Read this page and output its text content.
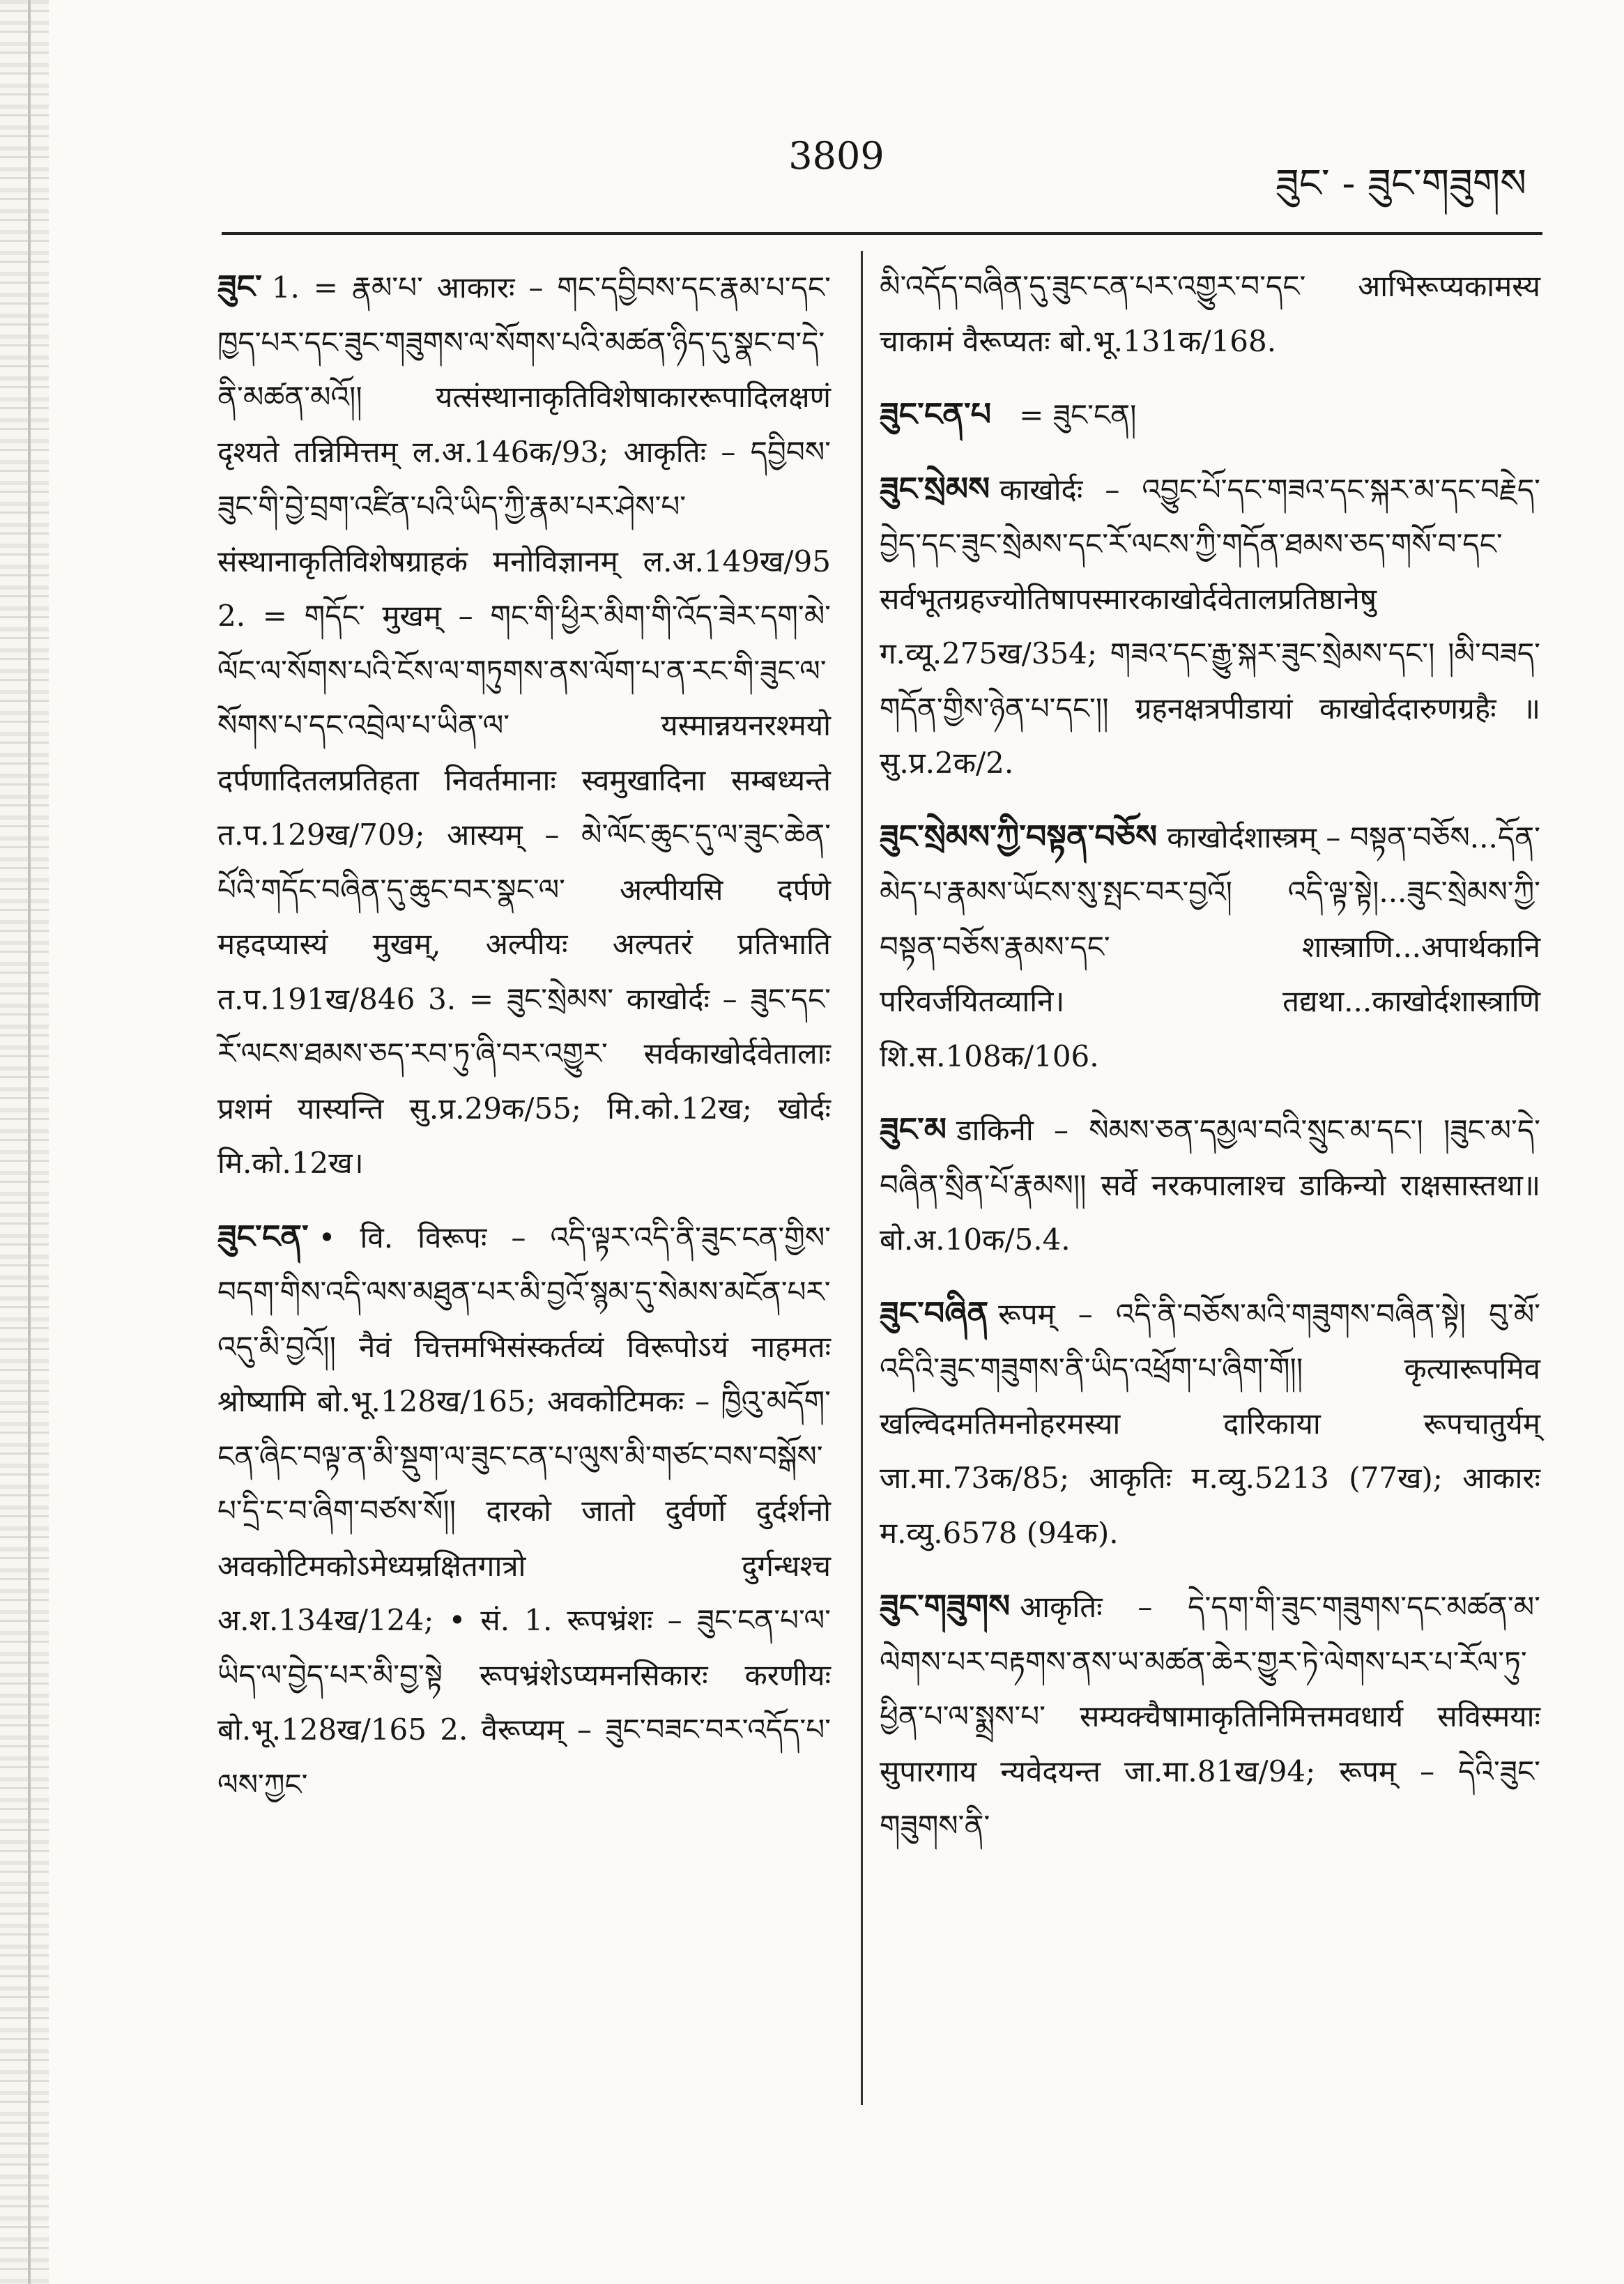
3809
ཟུང་ - ཟུང་གཟུགས

ཟུང་ 1. = རྣམ་པ་ आकारः – གང་དབྱིབས་དང་རྣམ་པ་དང་ཁྱད་པར་དང་ཟུང་གཟུགས་ལ་སོགས་པའི་མཚན་ཉིད་དུ་སྣང་བ་དེ་ནི་མཚན་མའོ།། यत्संस्थानाकृतिविशेषाकाररूपादिलक्षणं दृश्यते तन्निमित्तम् ल.अ.146क/93; आकृतिः – དབྱིབས་ཟུང་གི་བྱེ་བྲག་འཛིན་པའི་ཡིད་ཀྱི་རྣམ་པར་ཤེས་པ་ संस्थानाकृतिविशेषग्राहकं मनोविज्ञानम् ल.अ.149ख/95 2. = གདོང་ मुखम् – གང་གི་ཕྱིར་མིག་གི་འོད་ཟེར་དག་མེ་ལོང་ལ་སོགས་པའི་ངོས་ལ་གཏུགས་ནས་ལོག་པ་ན་རང་གི་ཟུང་ལ་སོགས་པ་དང་འབྲེལ་པ་ཡིན་ལ་ यस्मान्नयनरश्मयो दर्पणादितलप्रतिहता निवर्तमानाः स्वमुखादिना सम्बध्यन्ते त.प.129ख/709; आस्यम् – མེ་ལོང་ཆུང་དུ་ལ་ཟུང་ཆེན་པོའི་གདོང་བཞིན་དུ་ཆུང་བར་སྣང་ལ་ अल्पीयसि दर्पणे महदप्यास्यं मुखम्, अल्पीयः अल्पतरं प्रतिभाति त.प.191ख/846 3. = ཟུང་སྲེམས་ काखोर्दः – ཟུང་དང་རོ་ལངས་ཐམས་ཅད་རབ་ཏུ་ཞི་བར་འགྱུར་ सर्वकाखोर्दवेतालाः प्रशमं यास्यन्ति सु.प्र.29क/55; मि.को.12ख; खोर्दः मि.को.12ख।

ཟུང་ངན་ • वि. विरूपः – འདི་ལྟར་འདི་ནི་ཟུང་ངན་གྱིས་བདག་གིས་འདི་ལས་མཐུན་པར་མི་བྱའོ་སྙམ་དུ་སེམས་མངོན་པར་འདུ་མི་བྱའོ།། नैवं चित्तमभिसंस्कर्तव्यं विरूपोऽयं नाहमतः श्रोष्यामि बो.भू.128ख/165; अवकोटिमकः – ཁྱིའུ་མདོག་ངན་ཞིང་བལྟ་ན་མི་སྡུག་ལ་ཟུང་ངན་པ་ལུས་མི་གཙང་བས་བསྒོས་པ་དྲི་ང་བ་ཞིག་བཙས་སོ།། दारको जातो दुर्वर्णो दुर्दर्शनो अवकोटिमकोऽमेध्यम्रक्षितगात्रो दुर्गन्धश्च अ.श.134ख/124; • सं. 1. रूपभ्रंशः – ཟུང་ངན་པ་ལ་ཡིད་ལ་བྱེད་པར་མི་བྱ་སྟེ रूपभ्रंशेऽप्यमनसिकारः करणीयः बो.भू.128ख/165 2. वैरूप्यम् – ཟུང་བཟང་བར་འདོད་པ་ལས་ཀྱང་

མི་འདོད་བཞིན་དུ་ཟུང་ངན་པར་འགྱུར་བ་དང་ आभिरूप्यकामस्य चाकामं वैरूप्यतः बो.भू.131क/168.

ཟུང་ངན་པ = ཟུང་ངན།

ཟུང་སྲེམས काखोर्दः – འབྱུང་པོ་དང་གཟའ་དང་སྐར་མ་དང་བརྗེད་བྱེད་དང་ཟུང་སྲེམས་དང་རོ་ལངས་ཀྱི་གདོན་ཐམས་ཅད་གསོ་བ་དང་ सर्वभूतग्रहज्योतिषापस्मारकाखोर्दवेतालप्रतिष्ठानेषु ग.व्यू.275ख/354; གཟའ་དང་རྒྱུ་སྐར་ཟུང་སྲེམས་དང་། །མི་བཟད་གདོན་གྱིས་ཉེན་པ་དང་།། ग्रहनक्षत्रपीडायां काखोर्ददारुणग्रहैः ॥ सु.प्र.2क/2.

ཟུང་སྲེམས་ཀྱི་བསྟན་བཅོས काखोर्दशास्त्रम् – བསྟན་བཅོས...དོན་མེད་པ་རྣམས་ཡོངས་སུ་སྤང་བར་བྱའོ། འདི་ལྟ་སྟེ།...ཟུང་སྲེམས་ཀྱི་བསྟན་བཅོས་རྣམས་དང་ शास्त्राणि...अपार्थकानि परिवर्जयितव्यानि। तद्यथा...काखोर्दशास्त्राणि शि.स.108क/106.

ཟུང་མ डाकिनी – སེམས་ཅན་དམྱལ་བའི་སྲུང་མ་དང་། །ཟུང་མ་དེ་བཞིན་སྲིན་པོ་རྣམས།། सर्वे नरकपालाश्च डाकिन्यो राक्षसास्तथा॥ बो.अ.10क/5.4.

ཟུང་བཞིན रूपम् – འདི་ནི་བཅོས་མའི་གཟུགས་བཞིན་སྟེ། བུ་མོ་འདིའི་ཟུང་གཟུགས་ནི་ཡིད་འཕྲོག་པ་ཞིག་གོ།། कृत्यारूपमिव खल्विदमतिमनोहरमस्या दारिकाया रूपचातुर्यम् जा.मा.73क/85; आकृतिः म.व्यु.5213 (77ख); आकारः म.व्यु.6578 (94क).

ཟུང་གཟུགས आकृतिः – དེ་དག་གི་ཟུང་གཟུགས་དང་མཚན་མ་ལེགས་པར་བརྟགས་ནས་ཡ་མཚན་ཆེར་གྱུར་ཏེ་ལེགས་པར་པ་རོལ་ཏུ་ཕྱིན་པ་ལ་སྨྲས་པ་ सम्यक्चैषामाकृतिनिमित्तमवधार्य सविस्मयाः सुपारगाय न्यवेदयन्त जा.मा.81ख/94; रूपम् – དེའི་ཟུང་གཟུགས་ནི་
